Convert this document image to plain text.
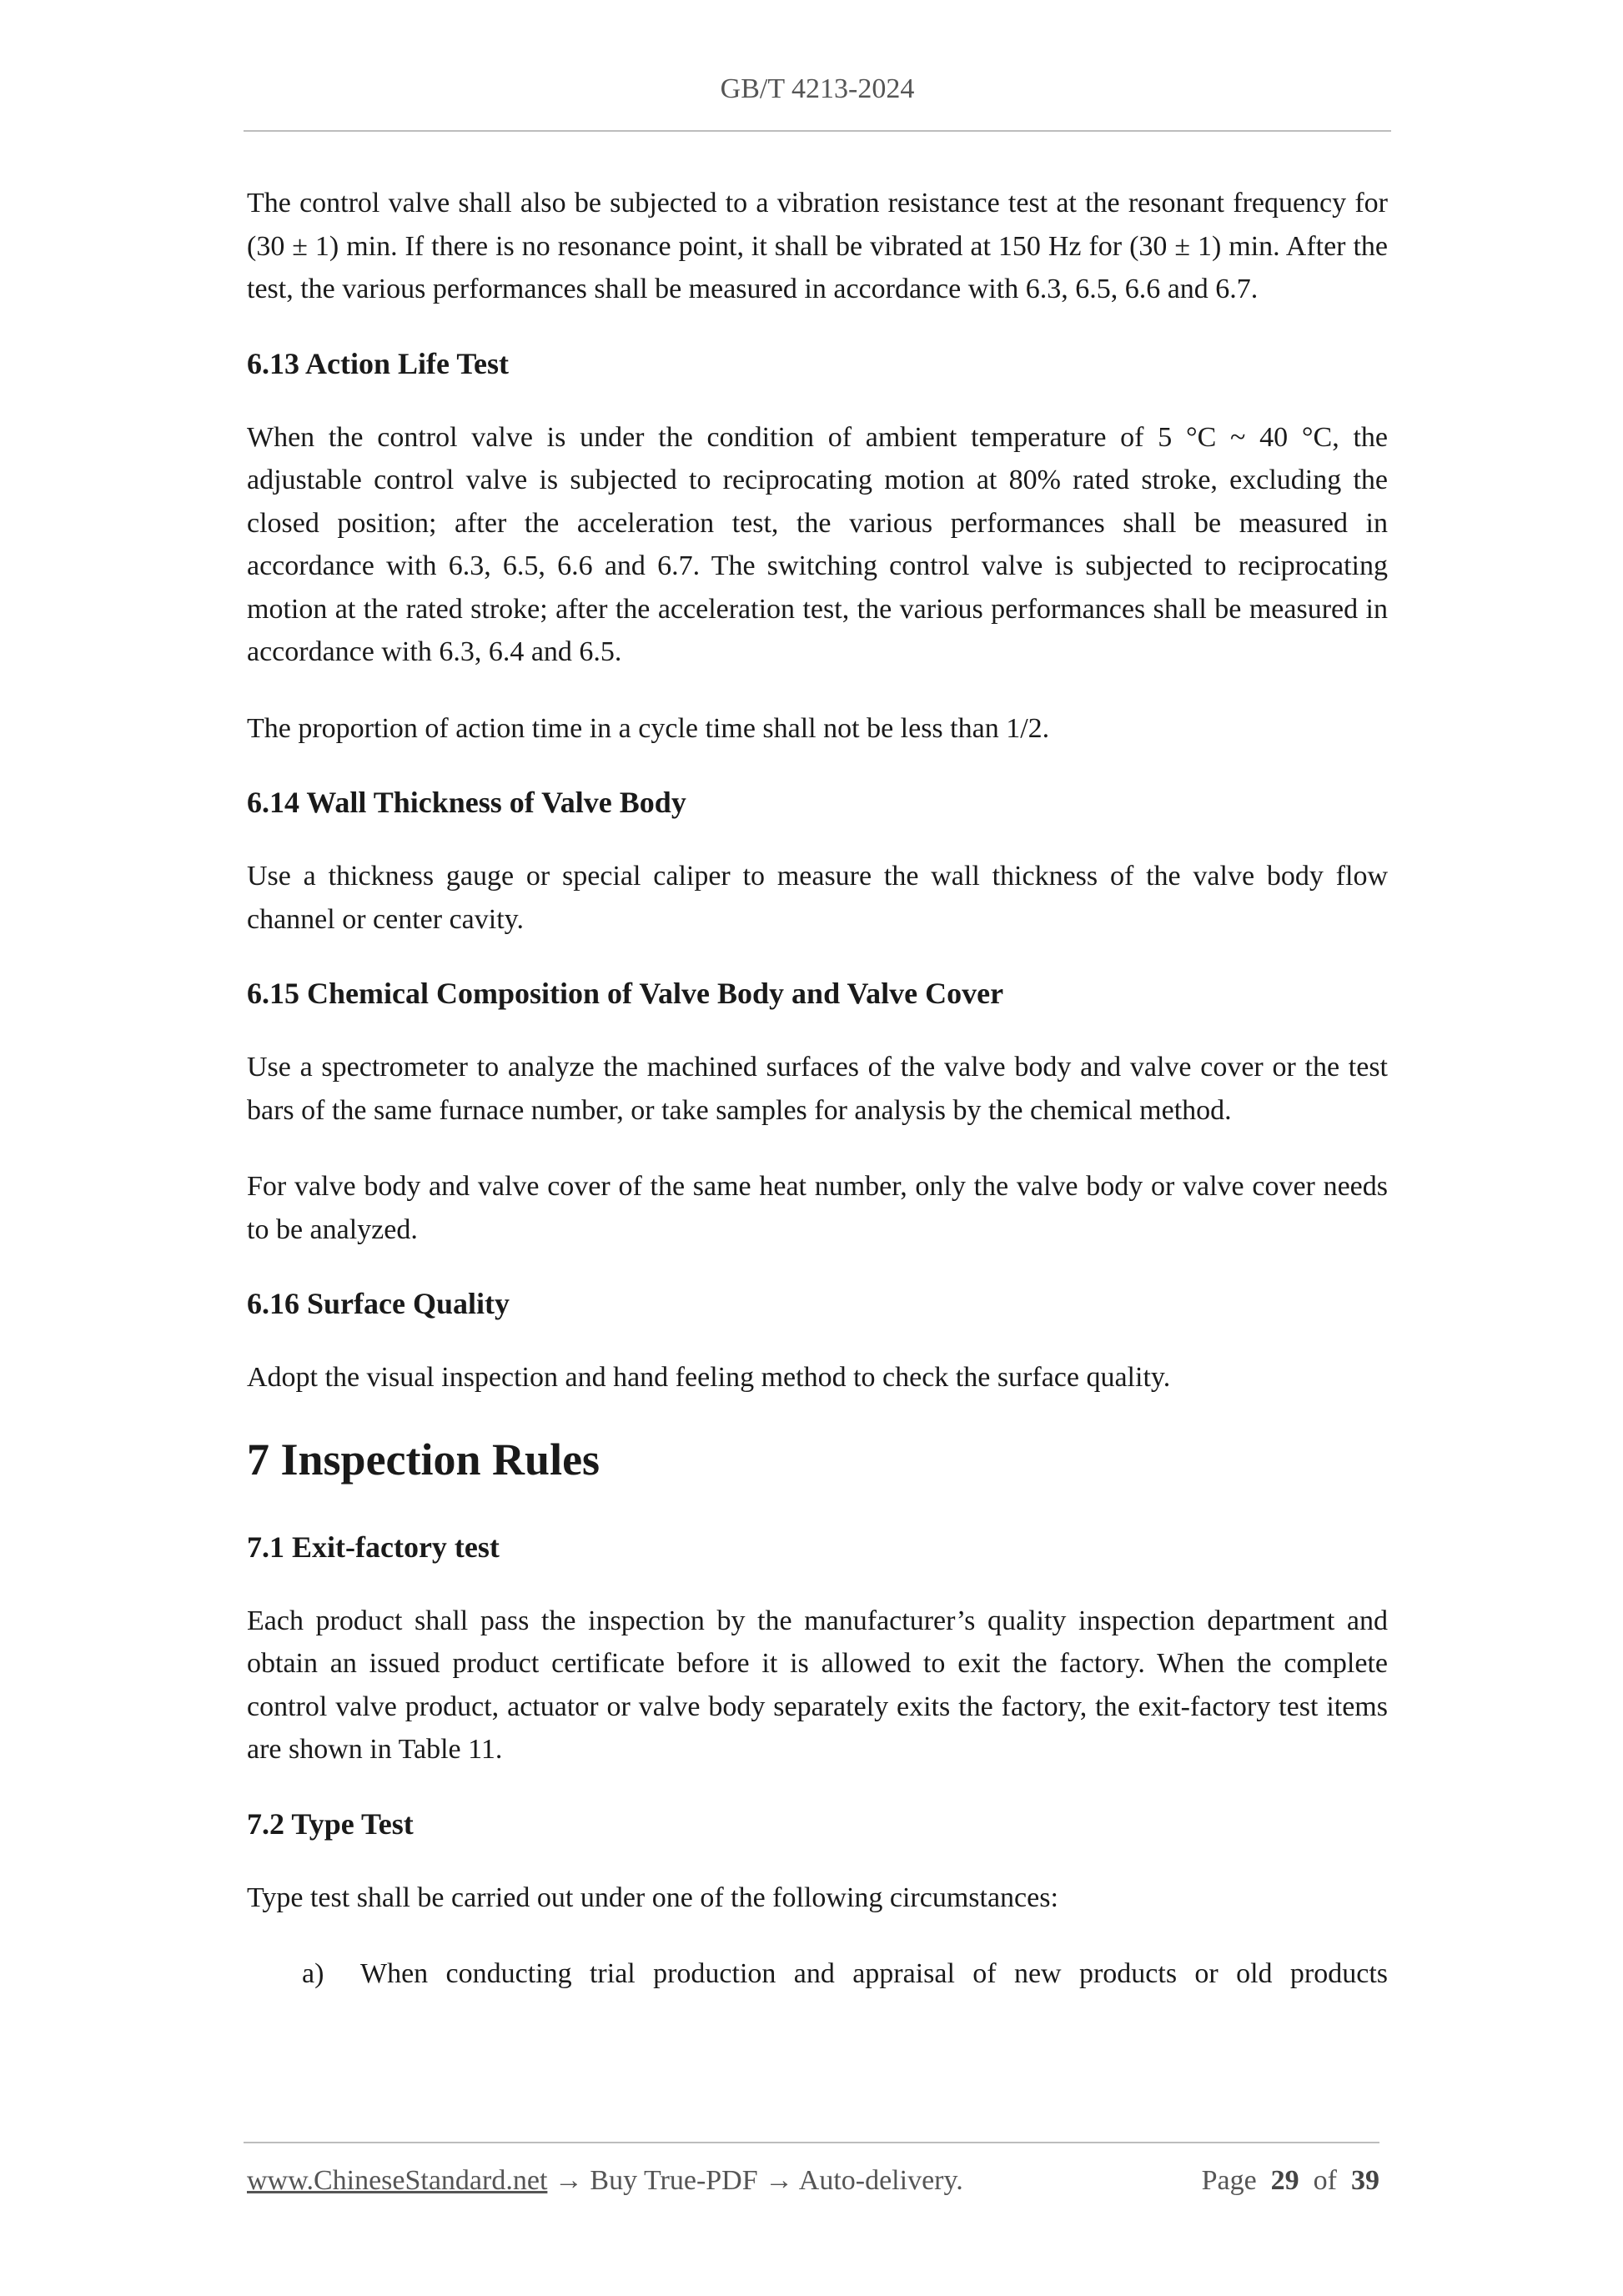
GB/T 4213-2024

The control valve shall also be subjected to a vibration resistance test at the resonant frequency for (30 ± 1) min. If there is no resonance point, it shall be vibrated at 150 Hz for (30 ± 1) min. After the test, the various performances shall be measured in accordance with 6.3, 6.5, 6.6 and 6.7.

6.13 Action Life Test

When the control valve is under the condition of ambient temperature of 5 °C ~ 40 °C, the adjustable control valve is subjected to reciprocating motion at 80% rated stroke, excluding the closed position; after the acceleration test, the various performances shall be measured in accordance with 6.3, 6.5, 6.6 and 6.7. The switching control valve is subjected to reciprocating motion at the rated stroke; after the acceleration test, the various performances shall be measured in accordance with 6.3, 6.4 and 6.5.

The proportion of action time in a cycle time shall not be less than 1/2.

6.14 Wall Thickness of Valve Body

Use a thickness gauge or special caliper to measure the wall thickness of the valve body flow channel or center cavity.

6.15 Chemical Composition of Valve Body and Valve Cover

Use a spectrometer to analyze the machined surfaces of the valve body and valve cover or the test bars of the same furnace number, or take samples for analysis by the chemical method.

For valve body and valve cover of the same heat number, only the valve body or valve cover needs to be analyzed.

6.16 Surface Quality

Adopt the visual inspection and hand feeling method to check the surface quality.

7 Inspection Rules
7.1 Exit-factory test

Each product shall pass the inspection by the manufacturer’s quality inspection department and obtain an issued product certificate before it is allowed to exit the factory. When the complete control valve product, actuator or valve body separately exits the factory, the exit-factory test items are shown in Table 11.

7.2 Type Test

Type test shall be carried out under one of the following circumstances:

a)	When conducting trial production and appraisal of new products or old products
www.ChineseStandard.net → Buy True-PDF → Auto-delivery.	Page 29 of 39
